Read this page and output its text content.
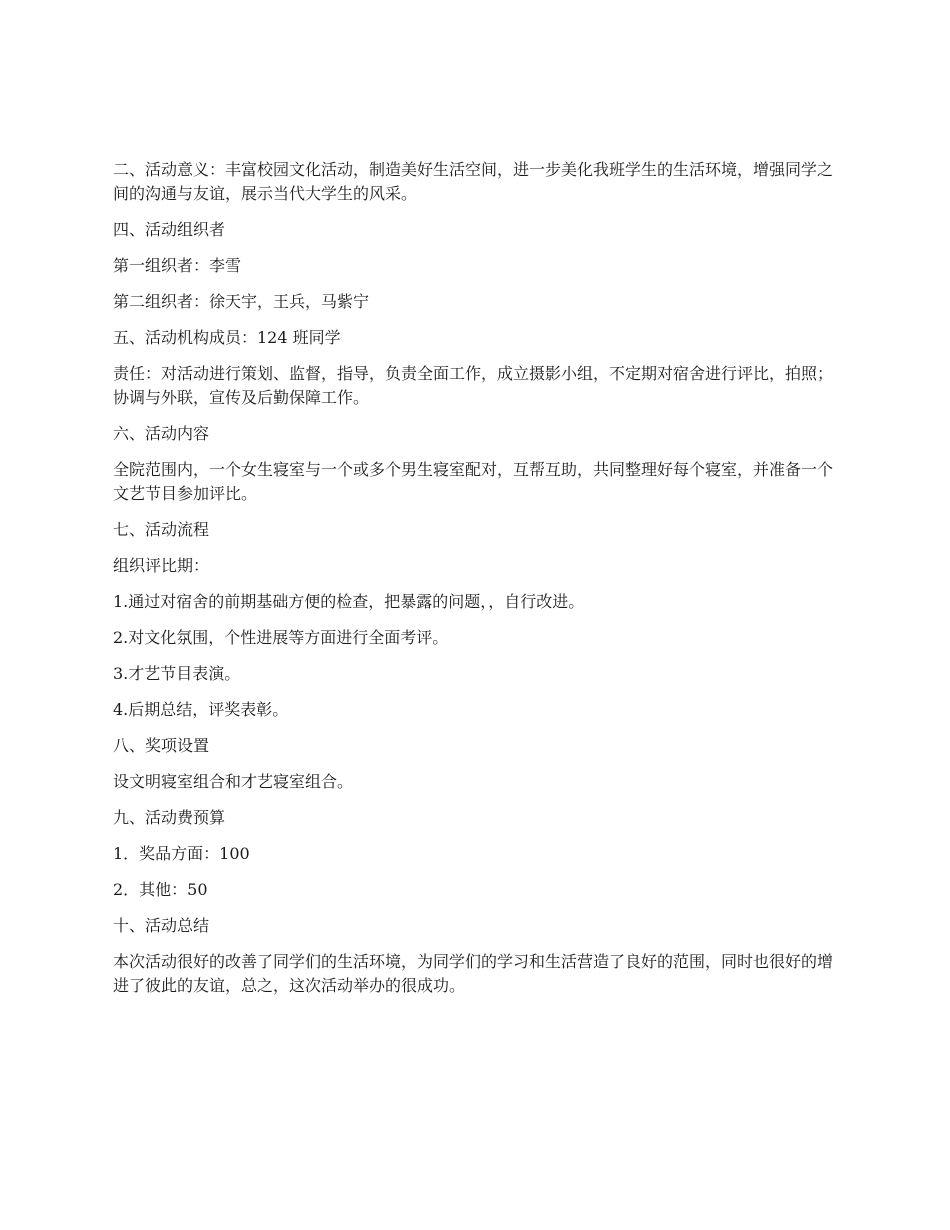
二、活动意义：丰富校园文化活动，制造美好生活空间，进一步美化我班学生的生活环境，增强同学之间的沟通与友谊，展示当代大学生的风采。

四、活动组织者

第一组织者：李雪

第二组织者：徐天宇，王兵，马紫宁

五、活动机构成员：124 班同学

责任：对活动进行策划、监督，指导，负责全面工作，成立摄影小组，不定期对宿舍进行评比，拍照；协调与外联，宣传及后勤保障工作。

六、活动内容

全院范围内，一个女生寝室与一个或多个男生寝室配对，互帮互助，共同整理好每个寝室，并准备一个文艺节目参加评比。

七、活动流程

组织评比期：

1.通过对宿舍的前期基础方便的检查，把暴露的问题，，自行改进。

2.对文化氛围，个性进展等方面进行全面考评。

3.才艺节目表演。

4.后期总结，评奖表彰。

八、奖项设置

设文明寝室组合和才艺寝室组合。

九、活动费预算

1．奖品方面：100

2．其他：50

十、活动总结

本次活动很好的改善了同学们的生活环境，为同学们的学习和生活营造了良好的范围，同时也很好的增进了彼此的友谊，总之，这次活动举办的很成功。
